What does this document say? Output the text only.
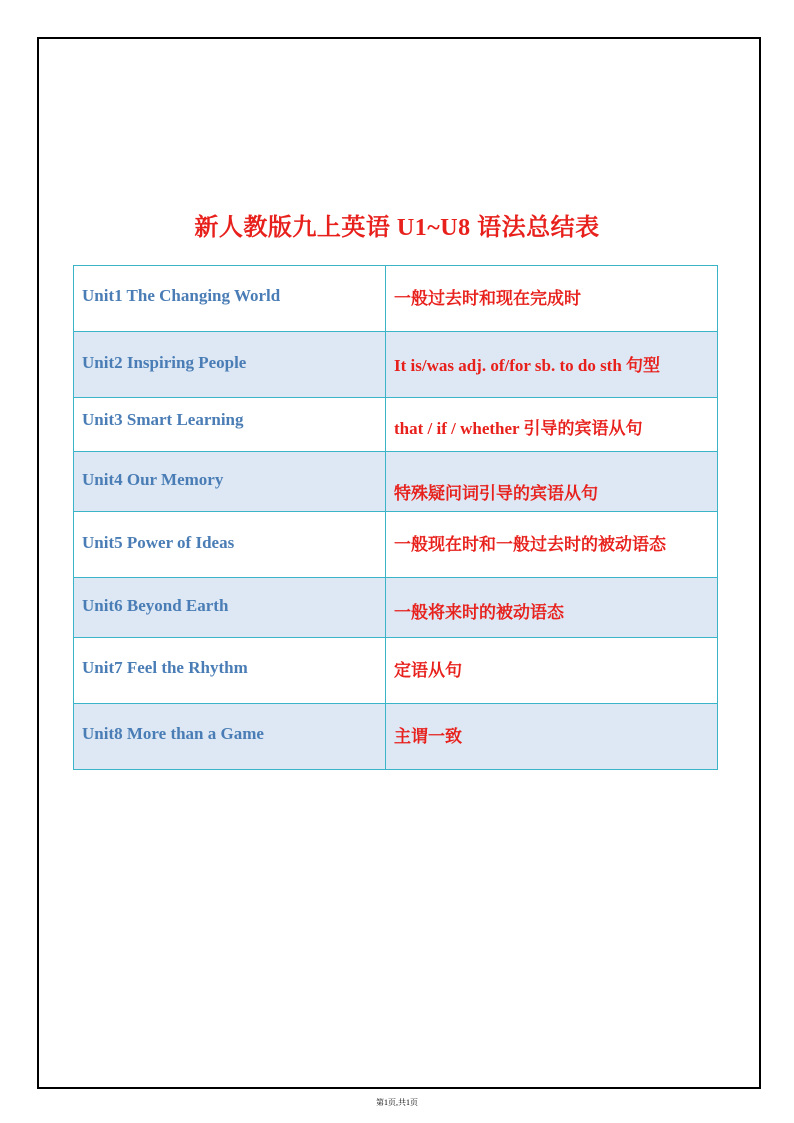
新人教版九上英语 U1~U8 语法总结表
Unit1 The Changing World	一般过去时和现在完成时

Unit2 Inspiring People	It is/was adj. of/for sb. to do sth 句型

Unit3 Smart Learning	that / if / whether 引导的宾语从句

Unit4 Our Memory	特殊疑问词引导的宾语从句

Unit5 Power of Ideas	一般现在时和一般过去时的被动语态

Unit6 Beyond Earth	一般将来时的被动语态

Unit7 Feel the Rhythm	定语从句

Unit8 More than a Game	主谓一致
第1页,共1页
